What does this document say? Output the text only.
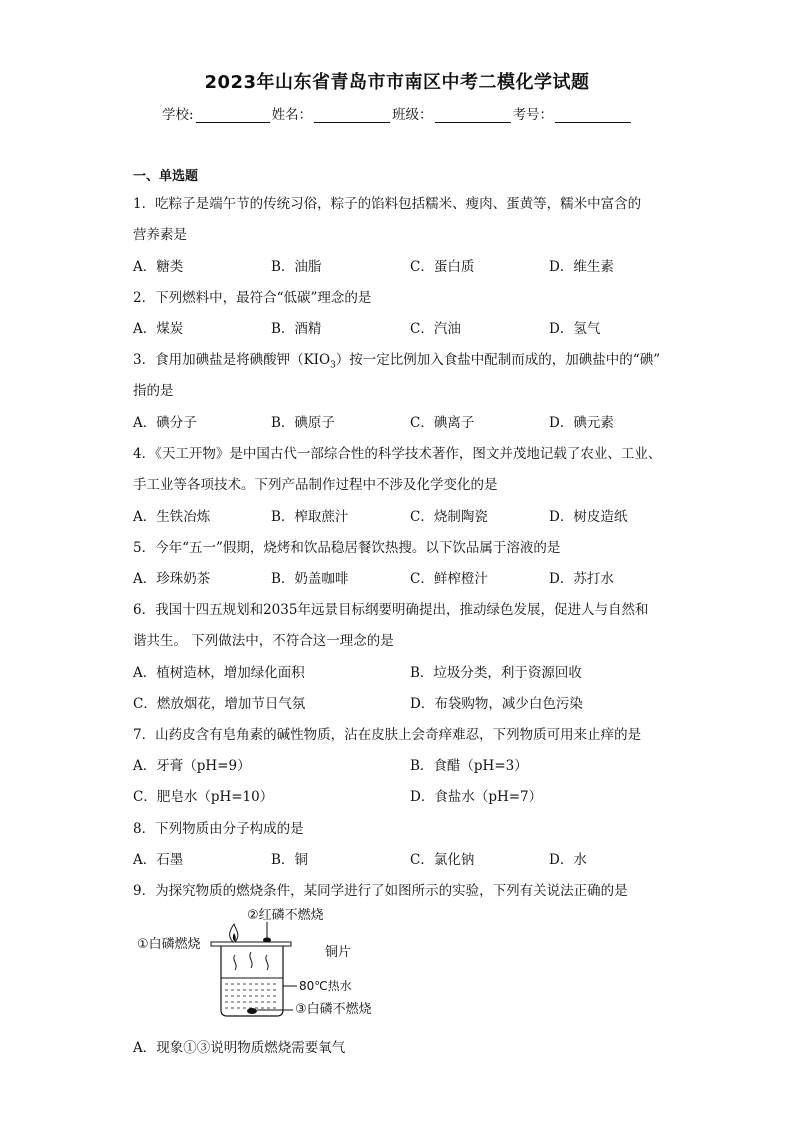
2023年山东省青岛市市南区中考二模化学试题
学校:	姓名：	班级：	考号：
一、单选题
1．吃粽子是端午节的传统习俗，粽子的馅料包括糯米、瘦肉、蛋黄等，糯米中富含的
营养素是
A．糖类	B．油脂	C．蛋白质	D．维生素
2．下列燃料中，最符合“低碳”理念的是
A．煤炭	B．酒精	C．汽油	D．氢气
3．食用加碘盐是将碘酸钾$(KIO_3)$按一定比例加入食盐中配制而成的，加碘盐中的“碘”
指的是
A．碘分子	B．碘原子	C．碘离子	D．碘元素
4．《天工开物》是中国古代一部综合性的科学技术著作，图文并茂地记载了农业、工业、
手工业等各项技术。下列产品制作过程中不涉及化学变化的是
A．生铁冶炼	B．榨取蔗汁	C．烧制陶瓷	D．树皮造纸
5．今年“五一”假期，烧烤和饮品稳居餐饮热搜。以下饮品属于溶液的是
A．珍珠奶茶	B．奶盖咖啡	C．鲜榨橙汁	D．苏打水
6．我国十四五规划和2035年远景目标纲要明确提出，推动绿色发展，促进人与自然和
谐共生。 下列做法中，不符合这一理念的是
A．植树造林，增加绿化面积	B．垃圾分类，利于资源回收
C．燃放烟花，增加节日气氛	D．布袋购物，减少白色污染
7．山药皮含有皂角素的碱性物质，沾在皮肤上会奇痒难忍，下列物质可用来止痒的是
A．牙膏（pH=9）	B．食醋（pH=3）
C．肥皂水（pH=10）	D．食盐水（pH=7）
8．下列物质由分子构成的是
A．石墨	B．铜	C．氯化钠	D．水
9．为探究物质的燃烧条件，某同学进行了如图所示的实验，下列有关说法正确的是
②红磷不燃烧
①白磷燃烧
铜片
80℃热水
③白磷不燃烧
A．现象①③说明物质燃烧需要氧气
